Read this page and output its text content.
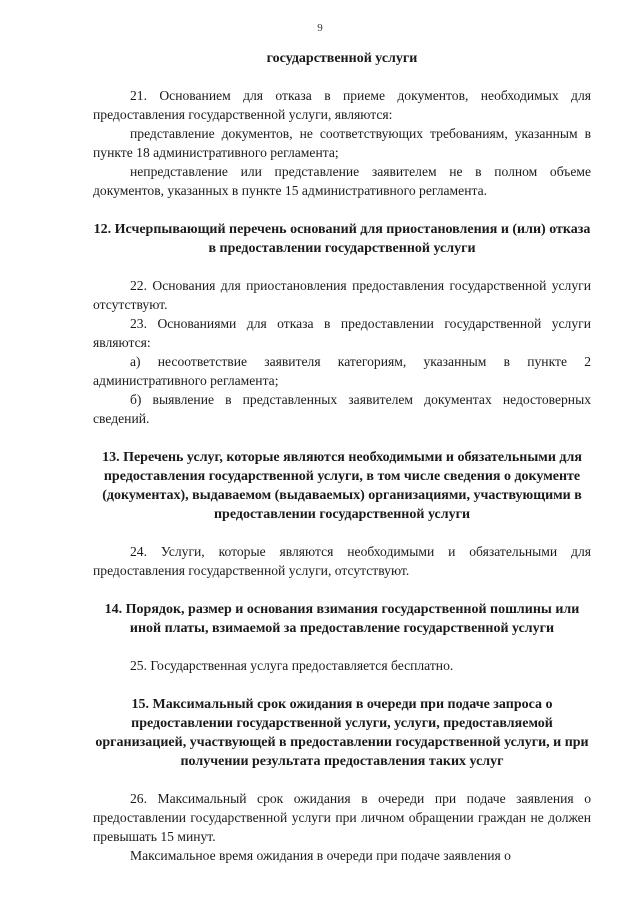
9
государственной услуги
21. Основанием для отказа в приеме документов, необходимых для предоставления государственной услуги, являются:
представление документов, не соответствующих требованиям, указанным в пункте 18 административного регламента;
непредставление или представление заявителем не в полном объеме документов, указанных в пункте 15 административного регламента.
12. Исчерпывающий перечень оснований для приостановления и (или) отказа в предоставлении государственной услуги
22. Основания для приостановления предоставления государственной услуги отсутствуют.
23. Основаниями для отказа в предоставлении государственной услуги являются:
а) несоответствие заявителя категориям, указанным в пункте 2 административного регламента;
б) выявление в представленных заявителем документах недостоверных сведений.
13. Перечень услуг, которые являются необходимыми и обязательными для предоставления государственной услуги, в том числе сведения о документе (документах), выдаваемом (выдаваемых) организациями, участвующими в предоставлении государственной услуги
24. Услуги, которые являются необходимыми и обязательными для предоставления государственной услуги, отсутствуют.
14. Порядок, размер и основания взимания государственной пошлины или иной платы, взимаемой за предоставление государственной услуги
25. Государственная услуга предоставляется бесплатно.
15. Максимальный срок ожидания в очереди при подаче запроса о предоставлении государственной услуги, услуги, предоставляемой организацией, участвующей в предоставлении государственной услуги, и при получении результата предоставления таких услуг
26. Максимальный срок ожидания в очереди при подаче заявления о предоставлении государственной услуги при личном обращении граждан не должен превышать 15 минут.
Максимальное время ожидания в очереди при подаче заявления о
